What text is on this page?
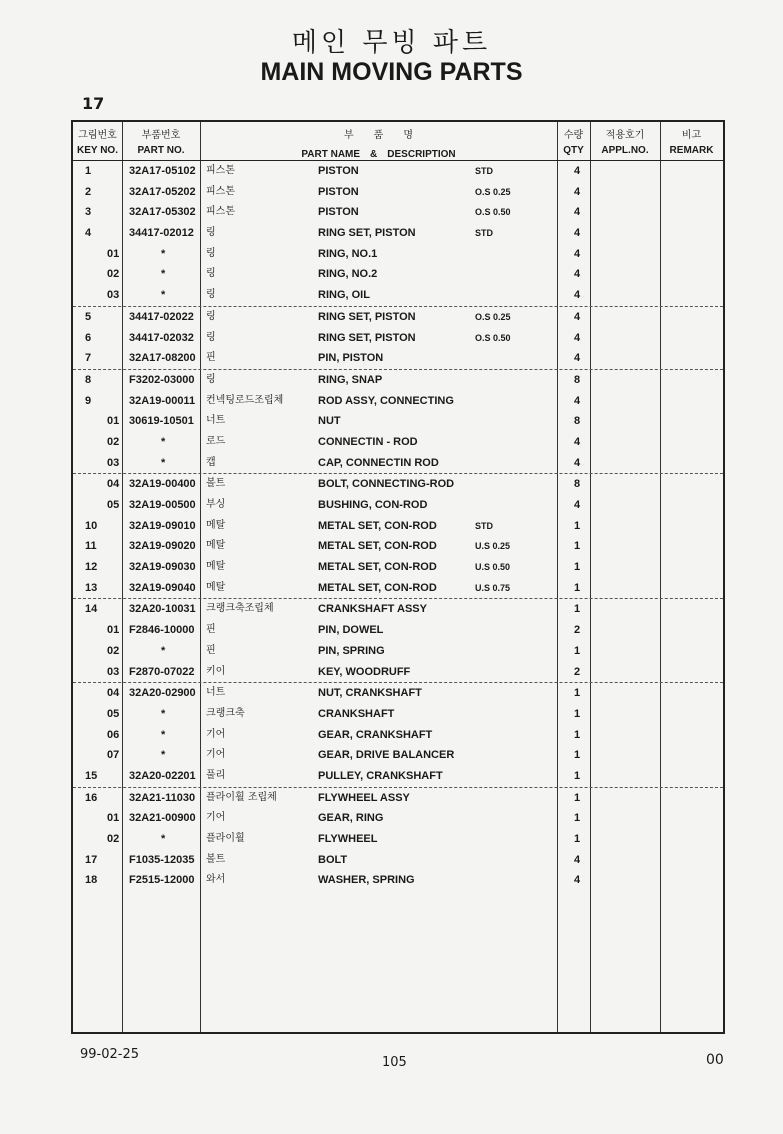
메인 무빙 파트
MAIN MOVING PARTS
17
그림번호
KEY NO.
부품번호
PART NO.
부　　품　　명
PART NAME　&　DESCRIPTION
수량
QTY
적용호기
APPL.NO.
비고
REMARK
1	32A17-05102 피스톤	PISTON	STD	4
2	32A17-05202 피스톤	PISTON	O.S 0.25	4
3	32A17-05302 피스톤	PISTON	O.S 0.50	4
4	34417-02012 링	RING SET, PISTON	STD	4
01	*	링	RING, NO.1	4
02	*	링	RING, NO.2	4
03	*	링	RING, OIL	4
5	34417-02022 링	RING SET, PISTON	O.S 0.25	4
6	34417-02032 링	RING SET, PISTON	O.S 0.50	4
7	32A17-08200 핀	PIN, PISTON	4
8	F3202-03000 링	RING, SNAP	8
9	32A19-00011 컨넥팅로드조립체	ROD ASSY, CONNECTING	4
01 30619-10501 너트	NUT	8
02	*	로드	CONNECTIN - ROD	4
03	*	캡	CAP, CONNECTIN ROD	4
04 32A19-00400 볼트	BOLT, CONNECTING-ROD	8
05 32A19-00500 부싱	BUSHING, CON-ROD	4
10	32A19-09010 메탈	METAL SET, CON-ROD	STD	1
11	32A19-09020 메탈	METAL SET, CON-ROD	U.S 0.25	1
12	32A19-09030 메탈	METAL SET, CON-ROD	U.S 0.50	1
13	32A19-09040 메탈	METAL SET, CON-ROD	U.S 0.75	1
14	32A20-10031 크랭크축조립체	CRANKSHAFT ASSY	1
01 F2846-10000 핀	PIN, DOWEL	2
02	*	핀	PIN, SPRING	1
03 F2870-07022 키이	KEY, WOODRUFF	2
04 32A20-02900 너트	NUT, CRANKSHAFT	1
05	*	크랭크축	CRANKSHAFT	1
06	*	기어	GEAR, CRANKSHAFT	1
07	*	기어	GEAR, DRIVE BALANCER	1
15	32A20-02201 풀리	PULLEY, CRANKSHAFT	1
16	32A21-11030 플라이휠 조립체	FLYWHEEL ASSY	1
01 32A21-00900 기어	GEAR, RING	1
02	*	플라이휠	FLYWHEEL	1
17	F1035-12035 볼트	BOLT	4
18	F2515-12000 와서	WASHER, SPRING	4
99-02-25
105	00
